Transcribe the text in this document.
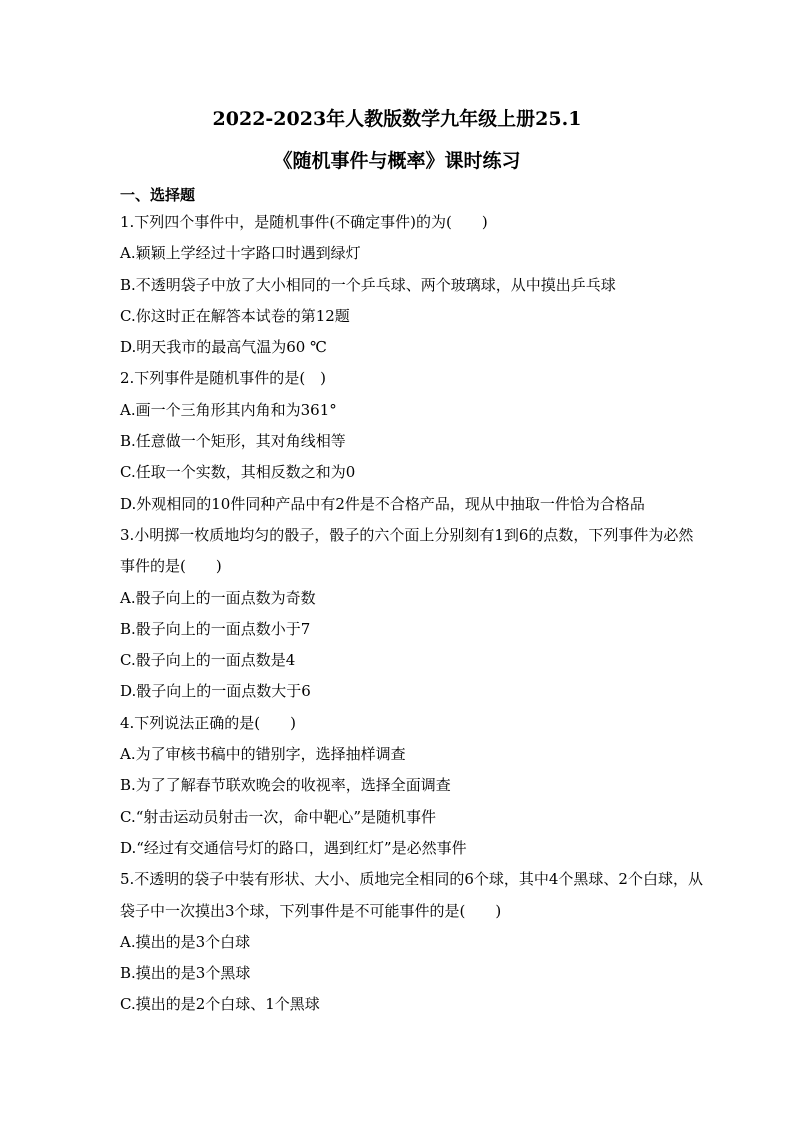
2022-2023年人教版数学九年级上册25.1
《随机事件与概率》课时练习
一、选择题
1.下列四个事件中，是随机事件(不确定事件)的为(　　)
A.颖颖上学经过十字路口时遇到绿灯
B.不透明袋子中放了大小相同的一个乒乓球、两个玻璃球，从中摸出乒乓球
C.你这时正在解答本试卷的第12题
D.明天我市的最高气温为60 ℃
2.下列事件是随机事件的是(　)
A.画一个三角形其内角和为361°
B.任意做一个矩形，其对角线相等
C.任取一个实数，其相反数之和为0
D.外观相同的10件同种产品中有2件是不合格产品，现从中抽取一件恰为合格品
3.小明掷一枚质地均匀的骰子，骰子的六个面上分别刻有1到6的点数，下列事件为必然事件的是(　　)
A.骰子向上的一面点数为奇数
B.骰子向上的一面点数小于7
C.骰子向上的一面点数是4
D.骰子向上的一面点数大于6
4.下列说法正确的是(　　)
A.为了审核书稿中的错别字，选择抽样调查
B.为了了解春节联欢晚会的收视率，选择全面调查
C.“射击运动员射击一次，命中靶心”是随机事件
D.“经过有交通信号灯的路口，遇到红灯”是必然事件
5.不透明的袋子中装有形状、大小、质地完全相同的6个球，其中4个黑球、2个白球，从袋子中一次摸出3个球，下列事件是不可能事件的是(　　)
A.摸出的是3个白球
B.摸出的是3个黑球
C.摸出的是2个白球、1个黑球
